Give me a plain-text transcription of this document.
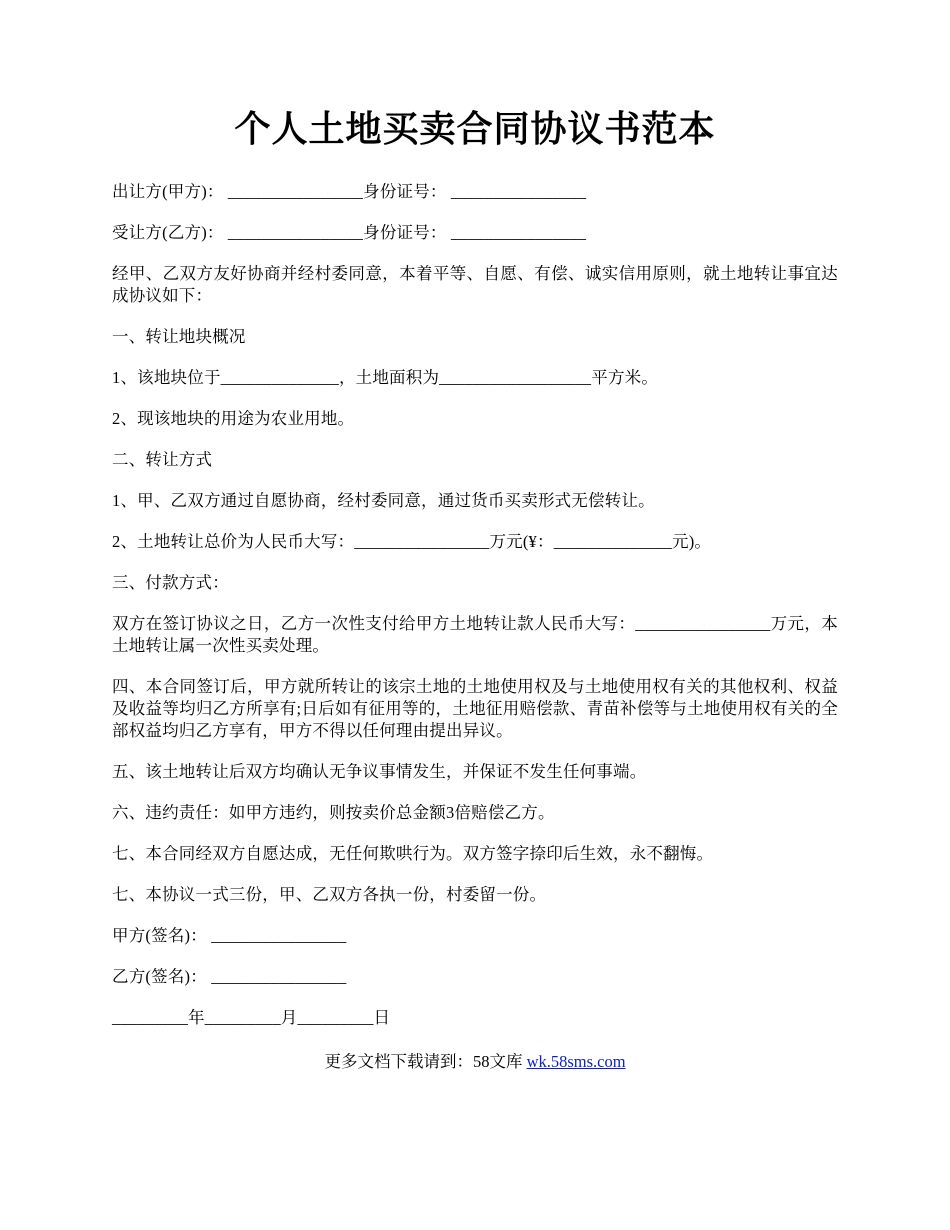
个人土地买卖合同协议书范本

出让方(甲方)： ________________身份证号： ________________

受让方(乙方)： ________________身份证号： ________________

经甲、乙双方友好协商并经村委同意，本着平等、自愿、有偿、诚实信用原则，就土地转让事宜达成协议如下：

一、转让地块概况

1、该地块位于______________，土地面积为__________________平方米。

2、现该地块的用途为农业用地。

二、转让方式

1、甲、乙双方通过自愿协商，经村委同意，通过货币买卖形式无偿转让。

2、土地转让总价为人民币大写：________________万元(¥：______________元)。

三、付款方式：

双方在签订协议之日，乙方一次性支付给甲方土地转让款人民币大写：________________万元，本土地转让属一次性买卖处理。

四、本合同签订后，甲方就所转让的该宗土地的土地使用权及与土地使用权有关的其他权利、权益及收益等均归乙方所享有;日后如有征用等的，土地征用赔偿款、青苗补偿等与土地使用权有关的全部权益均归乙方享有，甲方不得以任何理由提出异议。

五、该土地转让后双方均确认无争议事情发生，并保证不发生任何事端。

六、违约责任：如甲方违约，则按卖价总金额3倍赔偿乙方。

七、本合同经双方自愿达成，无任何欺哄行为。双方签字捺印后生效，永不翻悔。

七、本协议一式三份，甲、乙双方各执一份，村委留一份。

甲方(签名)： ________________

乙方(签名)： ________________

_________年_________月_________日

更多文档下载请到：58文库 wk.58sms.com
